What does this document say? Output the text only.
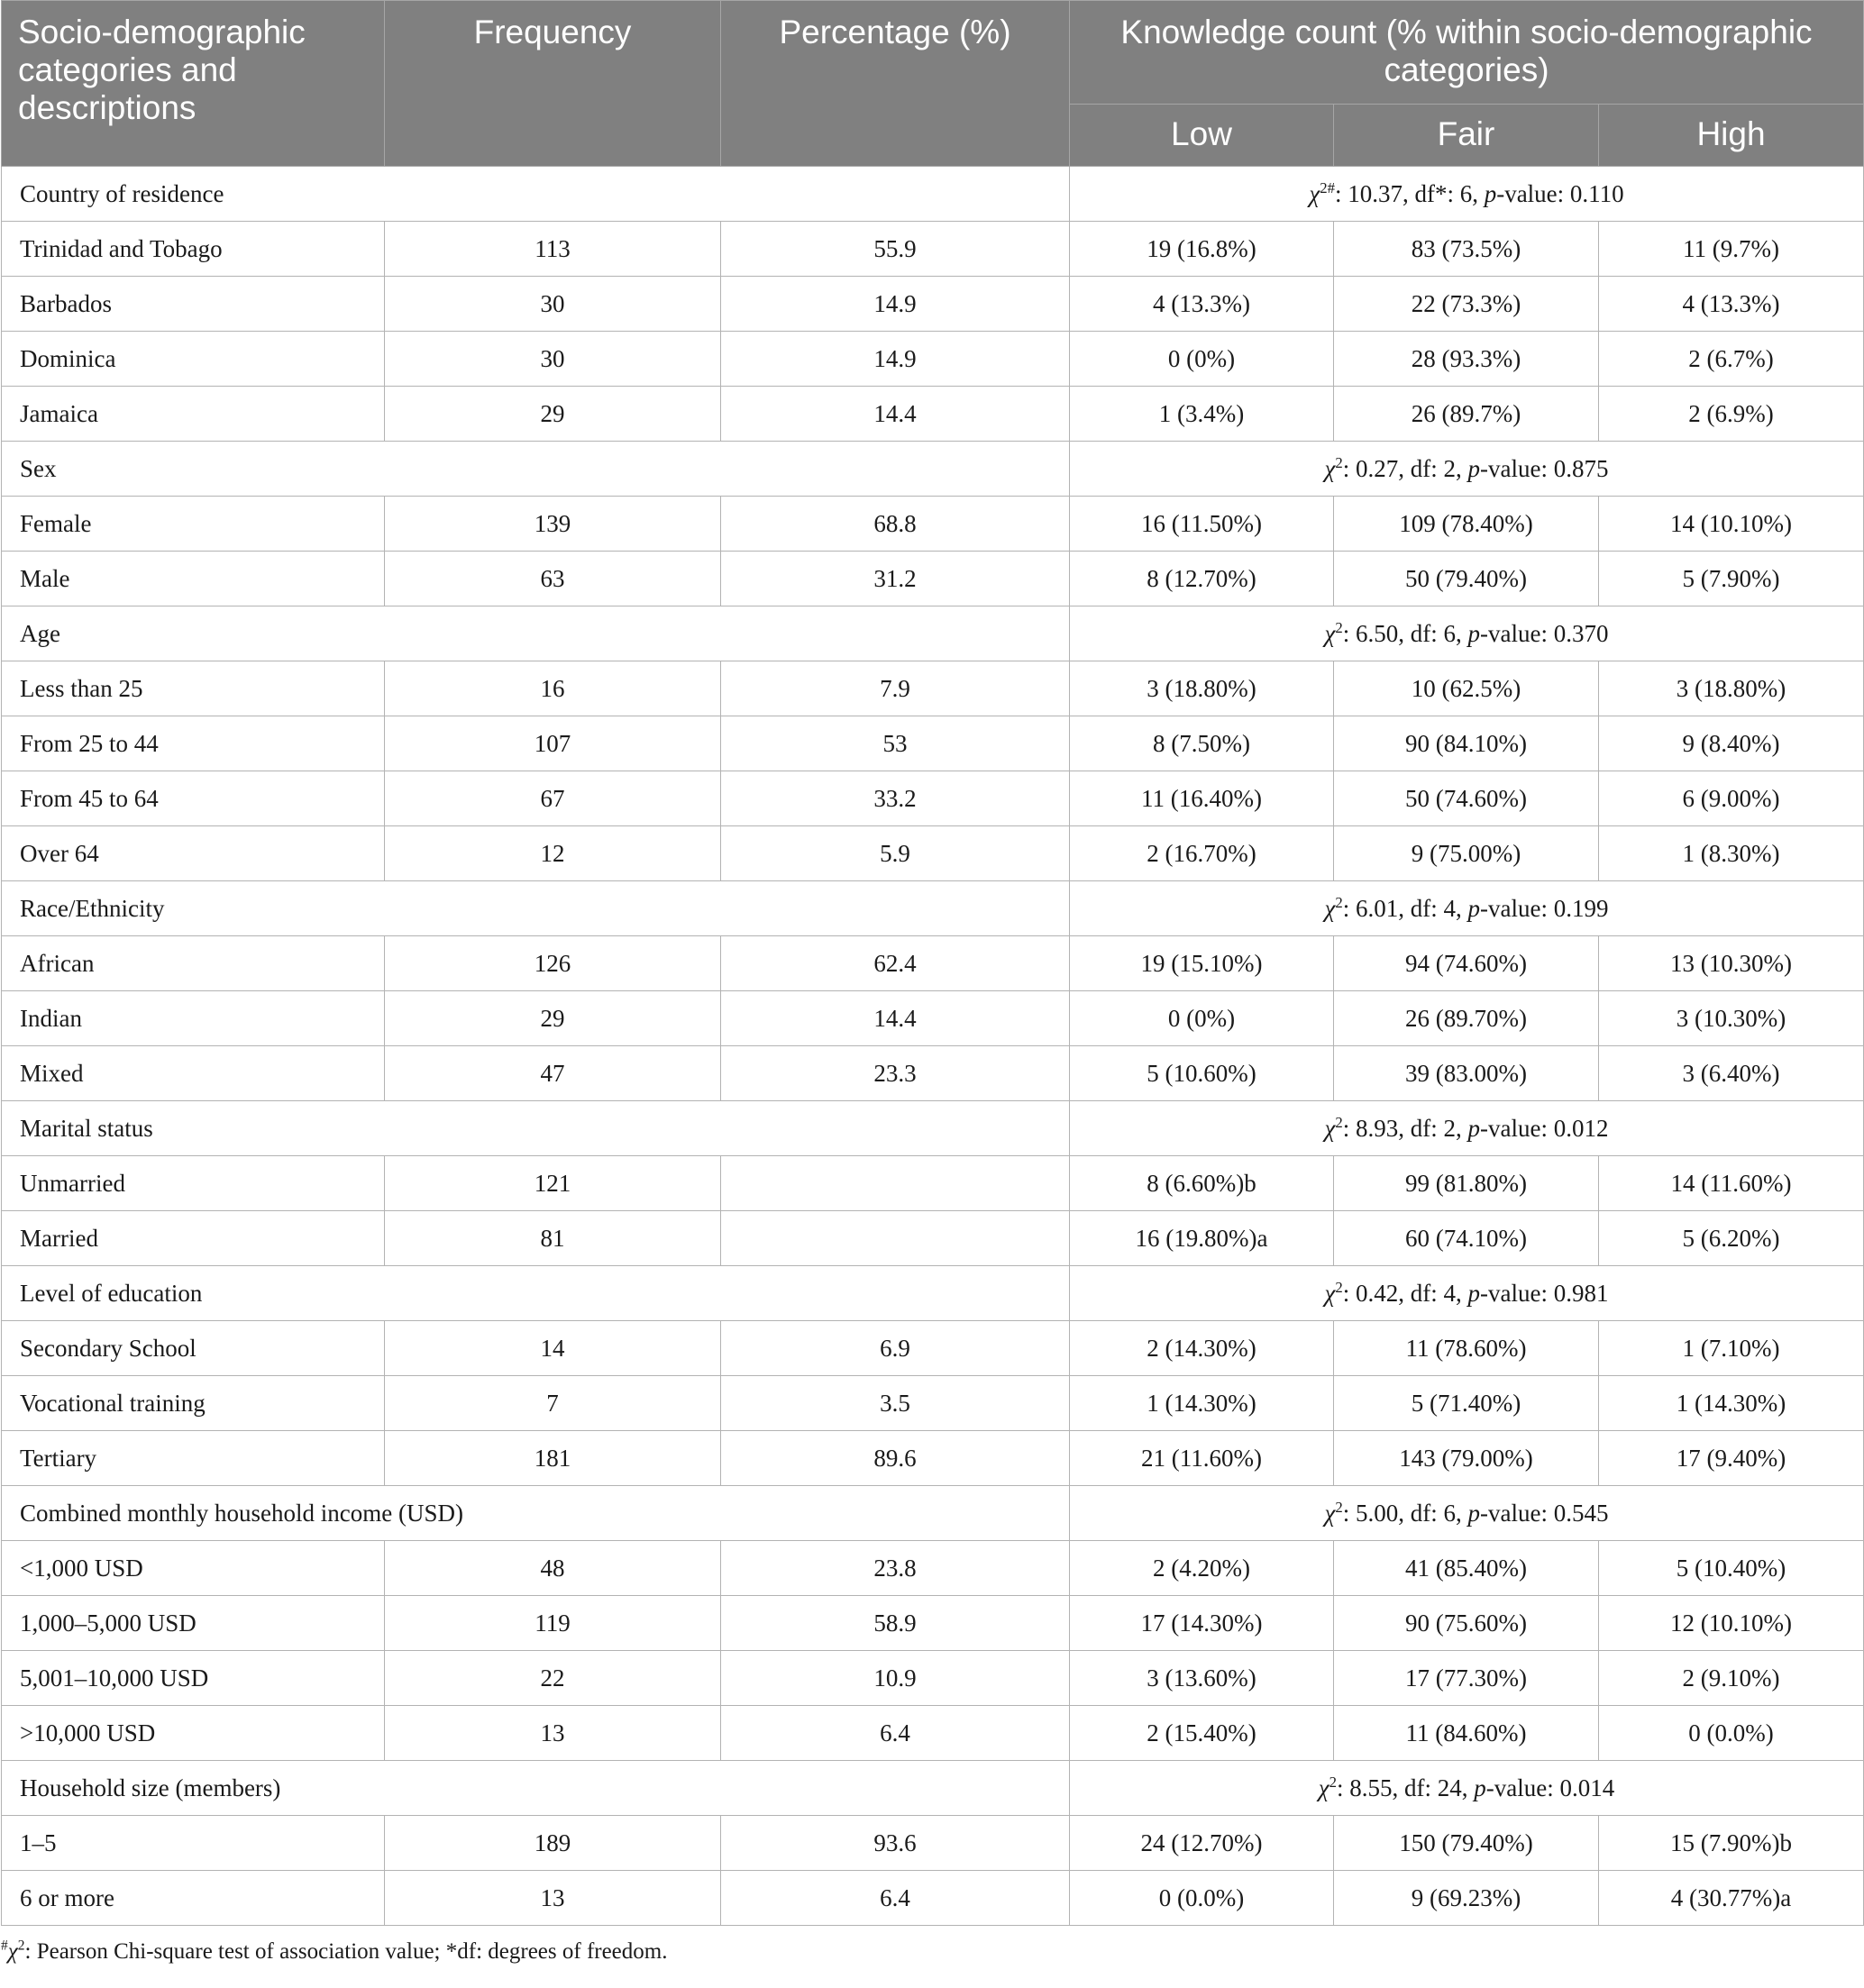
Socio-demographic categories and descriptions	Frequency	Percentage (%)	Knowledge count (% within socio-demographic categories)		
			Low	Fair	High
Country of residence			$\chi^{2\#}$: 10.37, df*: 6, p-value: 0.110		
Trinidad and Tobago	113	55.9	19 (16.8%)	83 (73.5%)	11 (9.7%)
Barbados	30	14.9	4 (13.3%)	22 (73.3%)	4 (13.3%)
Dominica	30	14.9	0 (0%)	28 (93.3%)	2 (6.7%)
Jamaica	29	14.4	1 (3.4%)	26 (89.7%)	2 (6.9%)
Sex			$\chi^2$: 0.27, df: 2, p-value: 0.875		
Female	139	68.8	16 (11.50%)	109 (78.40%)	14 (10.10%)
Male	63	31.2	8 (12.70%)	50 (79.40%)	5 (7.90%)
Age			$\chi^2$: 6.50, df: 6, p-value: 0.370		
Less than 25	16	7.9	3 (18.80%)	10 (62.5%)	3 (18.80%)
From 25 to 44	107	53	8 (7.50%)	90 (84.10%)	9 (8.40%)
From 45 to 64	67	33.2	11 (16.40%)	50 (74.60%)	6 (9.00%)
Over 64	12	5.9	2 (16.70%)	9 (75.00%)	1 (8.30%)
Race/Ethnicity			$\chi^2$: 6.01, df: 4, p-value: 0.199		
African	126	62.4	19 (15.10%)	94 (74.60%)	13 (10.30%)
Indian	29	14.4	0 (0%)	26 (89.70%)	3 (10.30%)
Mixed	47	23.3	5 (10.60%)	39 (83.00%)	3 (6.40%)
Marital status			$\chi^2$: 8.93, df: 2, p-value: 0.012		
Unmarried	121		8 (6.60%)b	99 (81.80%)	14 (11.60%)
Married	81		16 (19.80%)a	60 (74.10%)	5 (6.20%)
Level of education			$\chi^2$: 0.42, df: 4, p-value: 0.981		
Secondary School	14	6.9	2 (14.30%)	11 (78.60%)	1 (7.10%)
Vocational training	7	3.5	1 (14.30%)	5 (71.40%)	1 (14.30%)
Tertiary	181	89.6	21 (11.60%)	143 (79.00%)	17 (9.40%)
Combined monthly household income (USD)			$\chi^2$: 5.00, df: 6, p-value: 0.545		
<1,000 USD	48	23.8	2 (4.20%)	41 (85.40%)	5 (10.40%)
1,000–5,000 USD	119	58.9	17 (14.30%)	90 (75.60%)	12 (10.10%)
5,001–10,000 USD	22	10.9	3 (13.60%)	17 (77.30%)	2 (9.10%)
>10,000 USD	13	6.4	2 (15.40%)	11 (84.60%)	0 (0.0%)
Household size (members)			$\chi^2$: 8.55, df: 24, p-value: 0.014		
1–5	189	93.6	24 (12.70%)	150 (79.40%)	15 (7.90%)b
6 or more	13	6.4	0 (0.0%)	9 (69.23%)	4 (30.77%)a
$^{\#}\chi^2$: Pearson Chi-square test of association value; *df: degrees of freedom.
